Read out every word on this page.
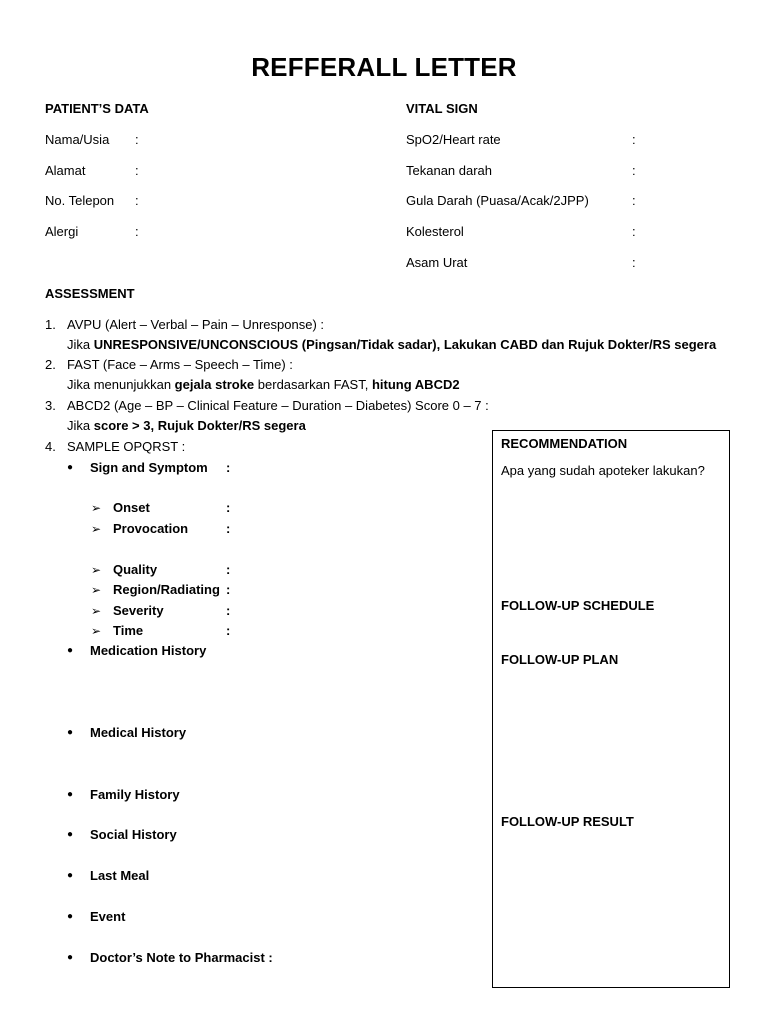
REFFERALL LETTER
PATIENT’S DATA
Nama/Usia :
Alamat	:
No. Telepon :
Alergi	:
VITAL SIGN
SpO2/Heart rate	:
Tekanan darah	:
Gula Darah (Puasa/Acak/2JPP)	:
Kolesterol	:
Asam Urat	:
ASSESSMENT
1. AVPU (Alert – Verbal – Pain – Unresponse) :
Jika UNRESPONSIVE/UNCONSCIOUS (Pingsan/Tidak sadar), Lakukan CABD dan Rujuk Dokter/RS segera
2. FAST (Face – Arms – Speech – Time) :
Jika menunjukkan gejala stroke berdasarkan FAST, hitung ABCD2
3. ABCD2 (Age – BP – Clinical Feature – Duration – Diabetes) Score 0 – 7 :
Jika score > 3, Rujuk Dokter/RS segera
4. SAMPLE OPQRST :
● Sign and Symptom :
➢ Onset	:
➢ Provocation	:
➢ Quality	:
➢ Region/Radiating :
➢ Severity	:
➢ Time	:
● Medication History
● Medical History
● Family History
● Social History
● Last Meal
● Event
● Doctor’s Note to Pharmacist :
RECOMMENDATION
Apa yang sudah apoteker lakukan?
FOLLOW-UP SCHEDULE
FOLLOW-UP PLAN
FOLLOW-UP RESULT
